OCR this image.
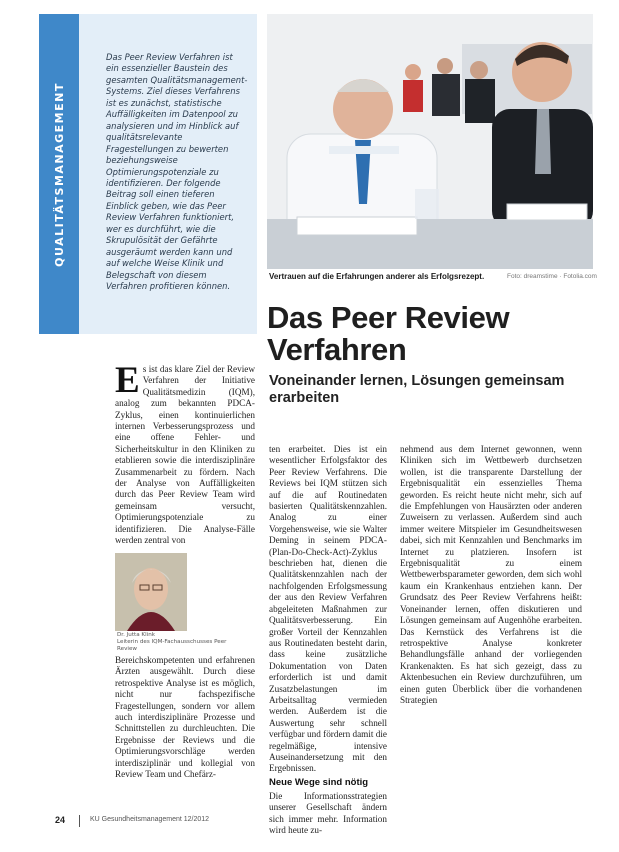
QUALITÄTSMANAGEMENT

Das Peer Review Verfahren ist ein essenzieller Baustein des gesamten Qualitätsmanagement-Systems. Ziel dieses Verfahrens ist es zunächst, statistische Auffälligkeiten im Datenpool zu analysieren und im Hinblick auf qualitätsrelevante Fragestellungen zu bewerten beziehungsweise Optimierungspotenziale zu identifizieren. Der folgende Beitrag soll einen tieferen Einblick geben, wie das Peer Review Verfahren funktioniert, wer es durchführt, wie die Skrupulösität der Gefährte ausgeräumt werden kann und auf welche Weise Klinik und Belegschaft von diesem Verfahren profitieren können.

Vertrauen auf die Erfahrungen anderer als Erfolgsrezept.	Foto: dreamstime · Fotolia.com
Das Peer Review Verfahren
Voneinander lernen, Lösungen gemeinsam erarbeiten

Es ist das klare Ziel der Review Verfahren der Initiative Qualitätsmedizin (IQM), analog zum bekannten PDCA-Zyklus, einen kontinuierlichen internen Verbesserungsprozess und eine offene Fehler- und Sicherheitskultur in den Kliniken zu etablieren sowie die interdisziplinäre Zusammenarbeit zu fördern. Nach der Analyse von Auffälligkeiten durch das Peer Review Team wird gemeinsam versucht, Optimierungspotenziale zu identifizieren. Die Analyse-Fälle werden zentral von

Dr. Jutta Klink
Leiterin des IQM-Fachausschusses Peer Review

Bereichskompetenten und erfahrenen Ärzten ausgewählt. Durch diese retrospektive Analyse ist es möglich, nicht nur fachspezifische Fragestellungen, sondern vor allem auch interdisziplinäre Prozesse und Schnittstellen zu durchleuchten. Die Ergebnisse der Reviews und die Optimierungsvorschläge werden interdisziplinär und kollegial von Review Team und Chefärz-

ten erarbeitet. Dies ist ein wesentlicher Erfolgsfaktor des Peer Review Verfahrens. Die Reviews bei IQM stützen sich auf die auf Routinedaten basierten Qualitätskennzahlen. Analog zu einer Vorgehensweise, wie sie Walter Deming in seinem PDCA-(Plan-Do-Check-Act)-Zyklus beschrieben hat, dienen die Qualitätskennzahlen nach der nachfolgenden Erfolgsmessung der aus den Review Verfahren abgeleiteten Maßnahmen zur Qualitätsverbesserung. Ein großer Vorteil der Kennzahlen aus Routinedaten besteht darin, dass keine zusätzliche Dokumentation von Daten erforderlich ist und damit Zusatzbelastungen im Arbeitsalltag vermieden werden. Außerdem ist die Auswertung sehr schnell verfügbar und fördern damit die regelmäßige, intensive Auseinandersetzung mit den Ergebnissen.

Neue Wege sind nötig

Die Informationsstrategien unserer Gesellschaft ändern sich immer mehr. Information wird heute zu-

nehmend aus dem Internet gewonnen, wenn Kliniken sich im Wettbewerb durchsetzen wollen, ist die transparente Darstellung der Ergebnisqualität ein essenzielles Thema geworden. Es reicht heute nicht mehr, sich auf die Empfehlungen von Hausärzten oder anderen Zuweisern zu verlassen. Außerdem sind auch immer weitere Mitspieler im Gesundheitswesen dabei, sich mit Kennzahlen und Benchmarks im Internet zu platzieren. Insofern ist Ergebnisqualität zu einem Wettbewerbsparameter geworden, dem sich wohl kaum ein Krankenhaus entziehen kann. Der Grundsatz des Peer Review Verfahrens heißt: Voneinander lernen, offen diskutieren und Lösungen gemeinsam auf Augenhöhe erarbeiten. Das Kernstück des Verfahrens ist die retrospektive Analyse konkreter Behandlungsfälle anhand der vorliegenden Krankenakten. Es hat sich gezeigt, dass zu Aktenbesuchen ein Review durchzuführen, um einen guten Überblick über die vorhandenen Strategien

24	KU Gesundheitsmanagement 12/2012
